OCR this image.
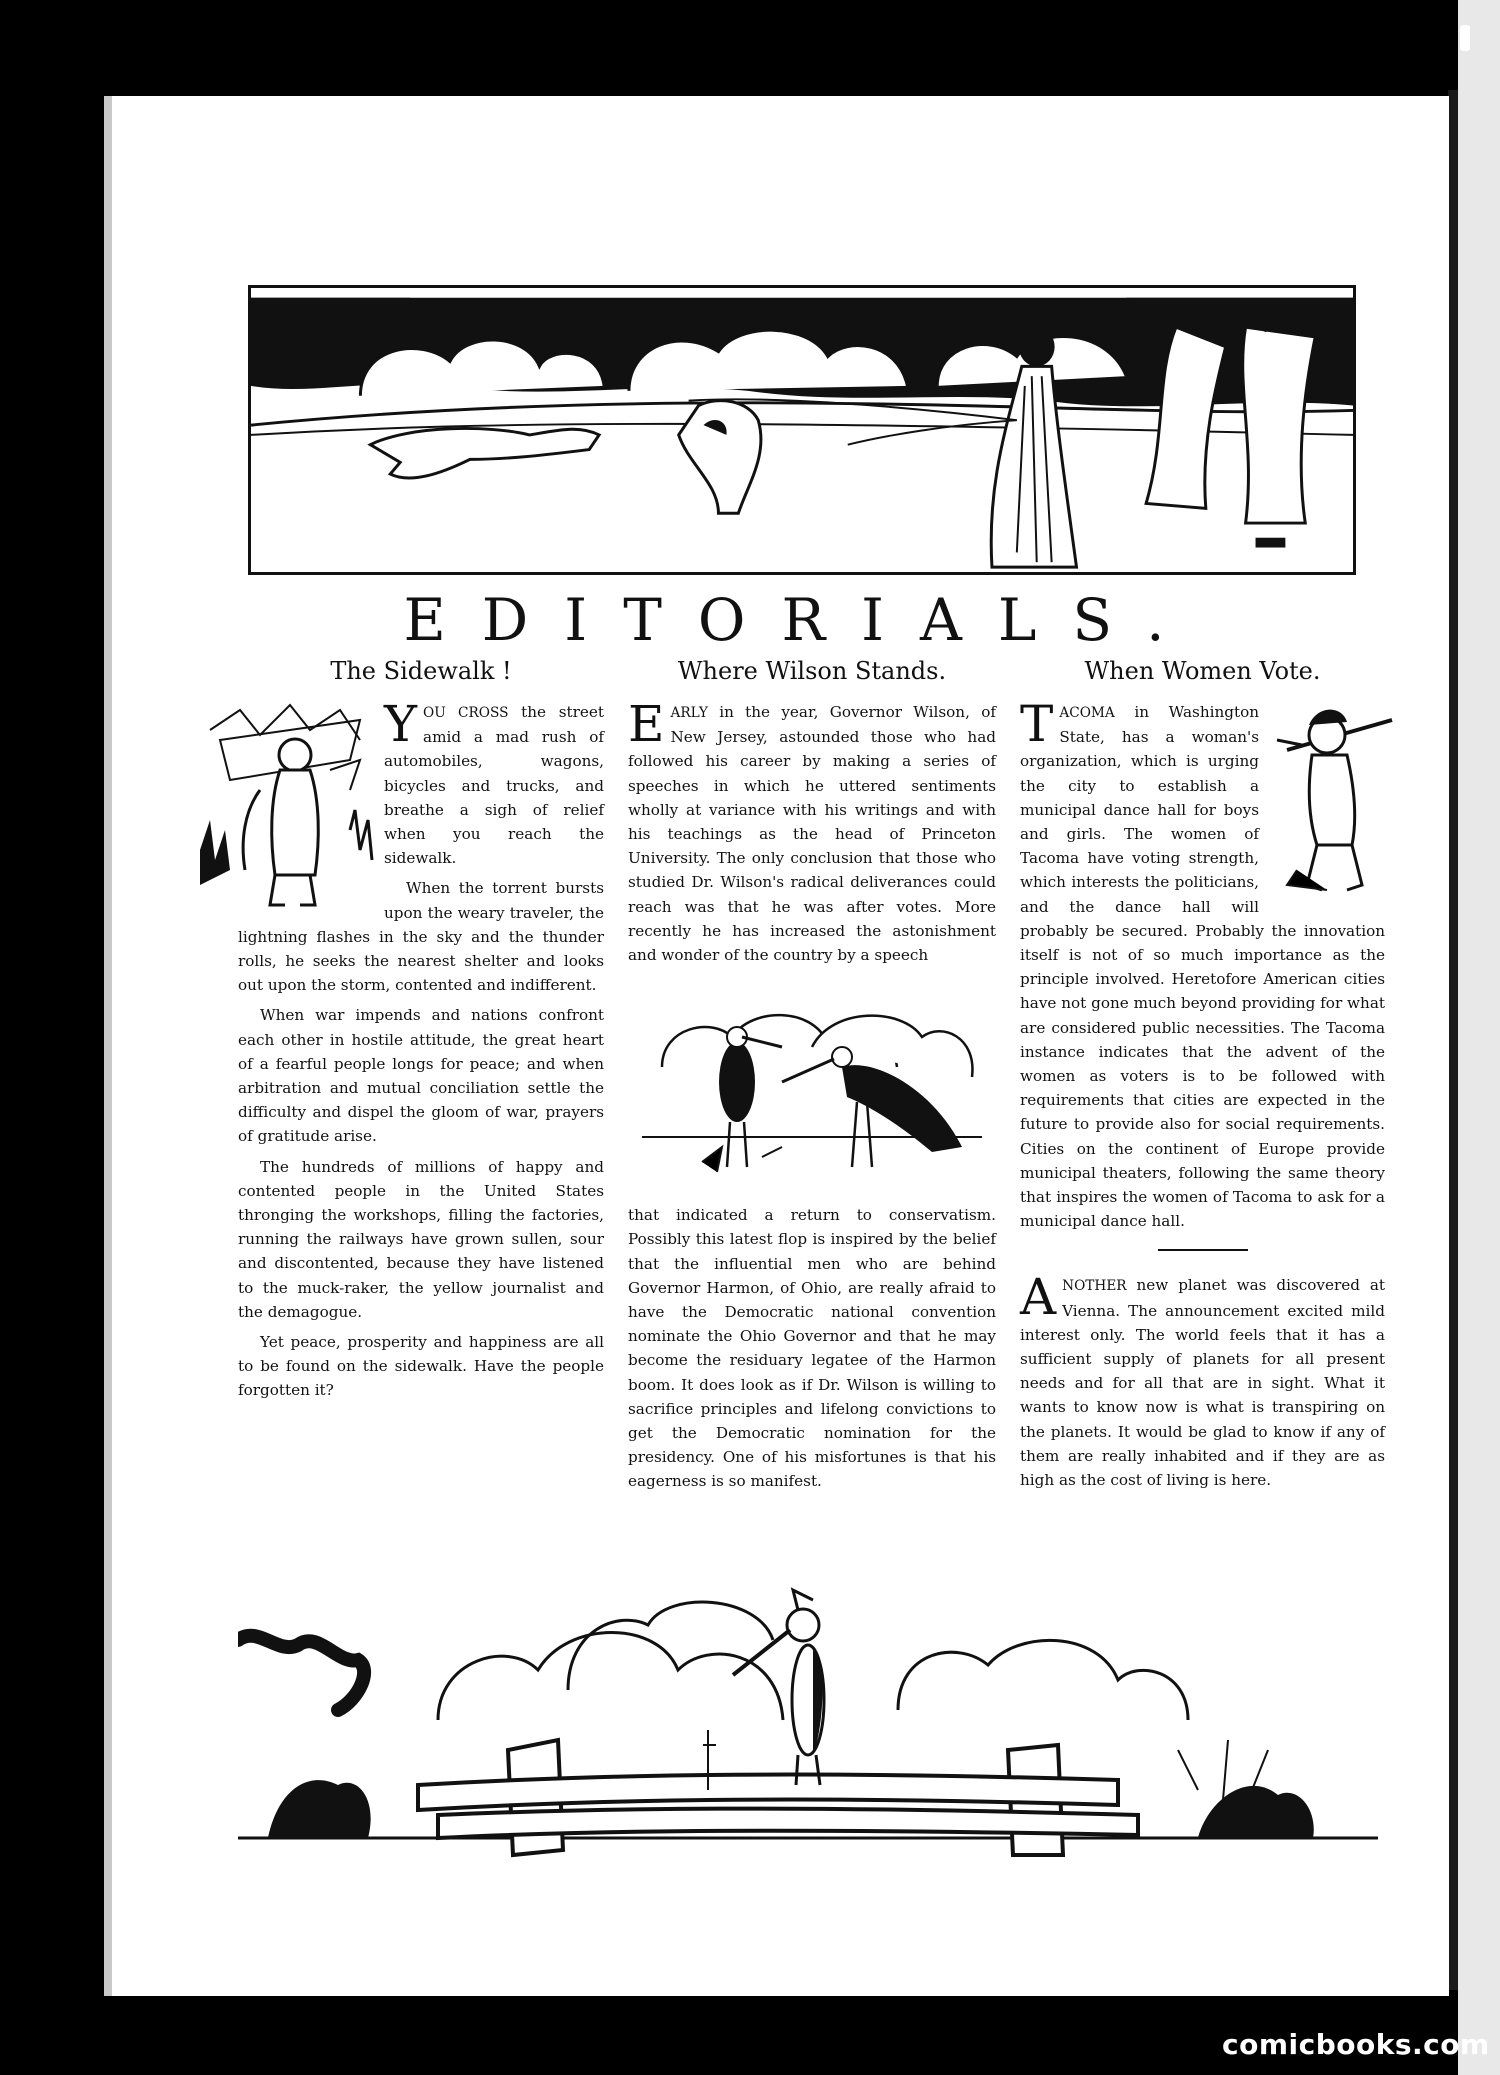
EDITORIALS.
The Sidewalk !

YOU CROSS the street amid a mad rush of automobiles, wagons, bicycles and trucks, and breathe a sigh of relief when you reach the sidewalk.

When the torrent bursts upon the weary traveler, the lightning flashes in the sky and the thunder rolls, he seeks the nearest shelter and looks out upon the storm, contented and indifferent.

When war impends and nations confront each other in hostile attitude, the great heart of a fearful people longs for peace; and when arbitration and mutual conciliation settle the difficulty and dispel the gloom of war, prayers of gratitude arise.

The hundreds of millions of happy and contented people in the United States thronging the workshops, filling the factories, running the railways have grown sullen, sour and discontented, because they have listened to the muck-raker, the yellow journalist and the demagogue.

Yet peace, prosperity and happiness are all to be found on the sidewalk. Have the people forgotten it?

Where Wilson Stands.

EARLY in the year, Governor Wilson, of New Jersey, astounded those who had followed his career by making a series of speeches in which he uttered sentiments wholly at variance with his writings and with his teachings as the head of Princeton University. The only conclusion that those who studied Dr. Wilson's radical deliverances could reach was that he was after votes. More recently he has increased the astonishment and wonder of the country by a speech

that indicated a return to conservatism. Possibly this latest flop is inspired by the belief that the influential men who are behind Governor Harmon, of Ohio, are really afraid to have the Democratic national convention nominate the Ohio Governor and that he may become the residuary legatee of the Harmon boom. It does look as if Dr. Wilson is willing to sacrifice principles and lifelong convictions to get the Democratic nomination for the presidency. One of his misfortunes is that his eagerness is so manifest.

When Women Vote.

TACOMA in Washington State, has a woman's organization, which is urging the city to establish a municipal dance hall for boys and girls. The women of Tacoma have voting strength, which interests the politicians, and the dance hall will probably be secured. Probably the innovation itself is not of so much importance as the principle involved. Heretofore American cities have not gone much beyond providing for what are considered public necessities. The Tacoma instance indicates that the advent of the women as voters is to be followed with requirements that cities are expected in the future to provide also for social requirements. Cities on the continent of Europe provide municipal theaters, following the same theory that inspires the women of Tacoma to ask for a municipal dance hall.

ANOTHER new planet was discovered at Vienna. The announcement excited mild interest only. The world feels that it has a sufficient supply of planets for all present needs and for all that are in sight. What it wants to know now is what is transpiring on the planets. It would be glad to know if any of them are really inhabited and if they are as high as the cost of living is here.

comicbooks.com
